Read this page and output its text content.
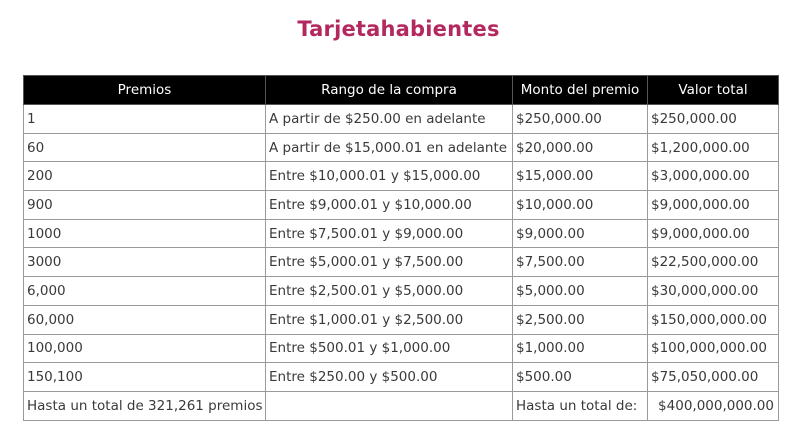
Tarjetahabientes
Premios	Rango de la compra	Monto del premio	Valor total
1	A partir de $250.00 en adelante	$250,000.00	$250,000.00
60	A partir de $15,000.01 en adelante	$20,000.00	$1,200,000.00
200	Entre $10,000.01 y $15,000.00	$15,000.00	$3,000,000.00
900	Entre $9,000.01 y $10,000.00	$10,000.00	$9,000,000.00
1000	Entre $7,500.01 y $9,000.00	$9,000.00	$9,000,000.00
3000	Entre $5,000.01 y $7,500.00	$7,500.00	$22,500,000.00
6,000	Entre $2,500.01 y $5,000.00	$5,000.00	$30,000,000.00
60,000	Entre $1,000.01 y $2,500.00	$2,500.00	$150,000,000.00
100,000	Entre $500.01 y $1,000.00	$1,000.00	$100,000,000.00
150,100	Entre $250.00 y $500.00	$500.00	$75,050,000.00
Hasta un total de 321,261 premios		Hasta un total de:	$400,000,000.00
